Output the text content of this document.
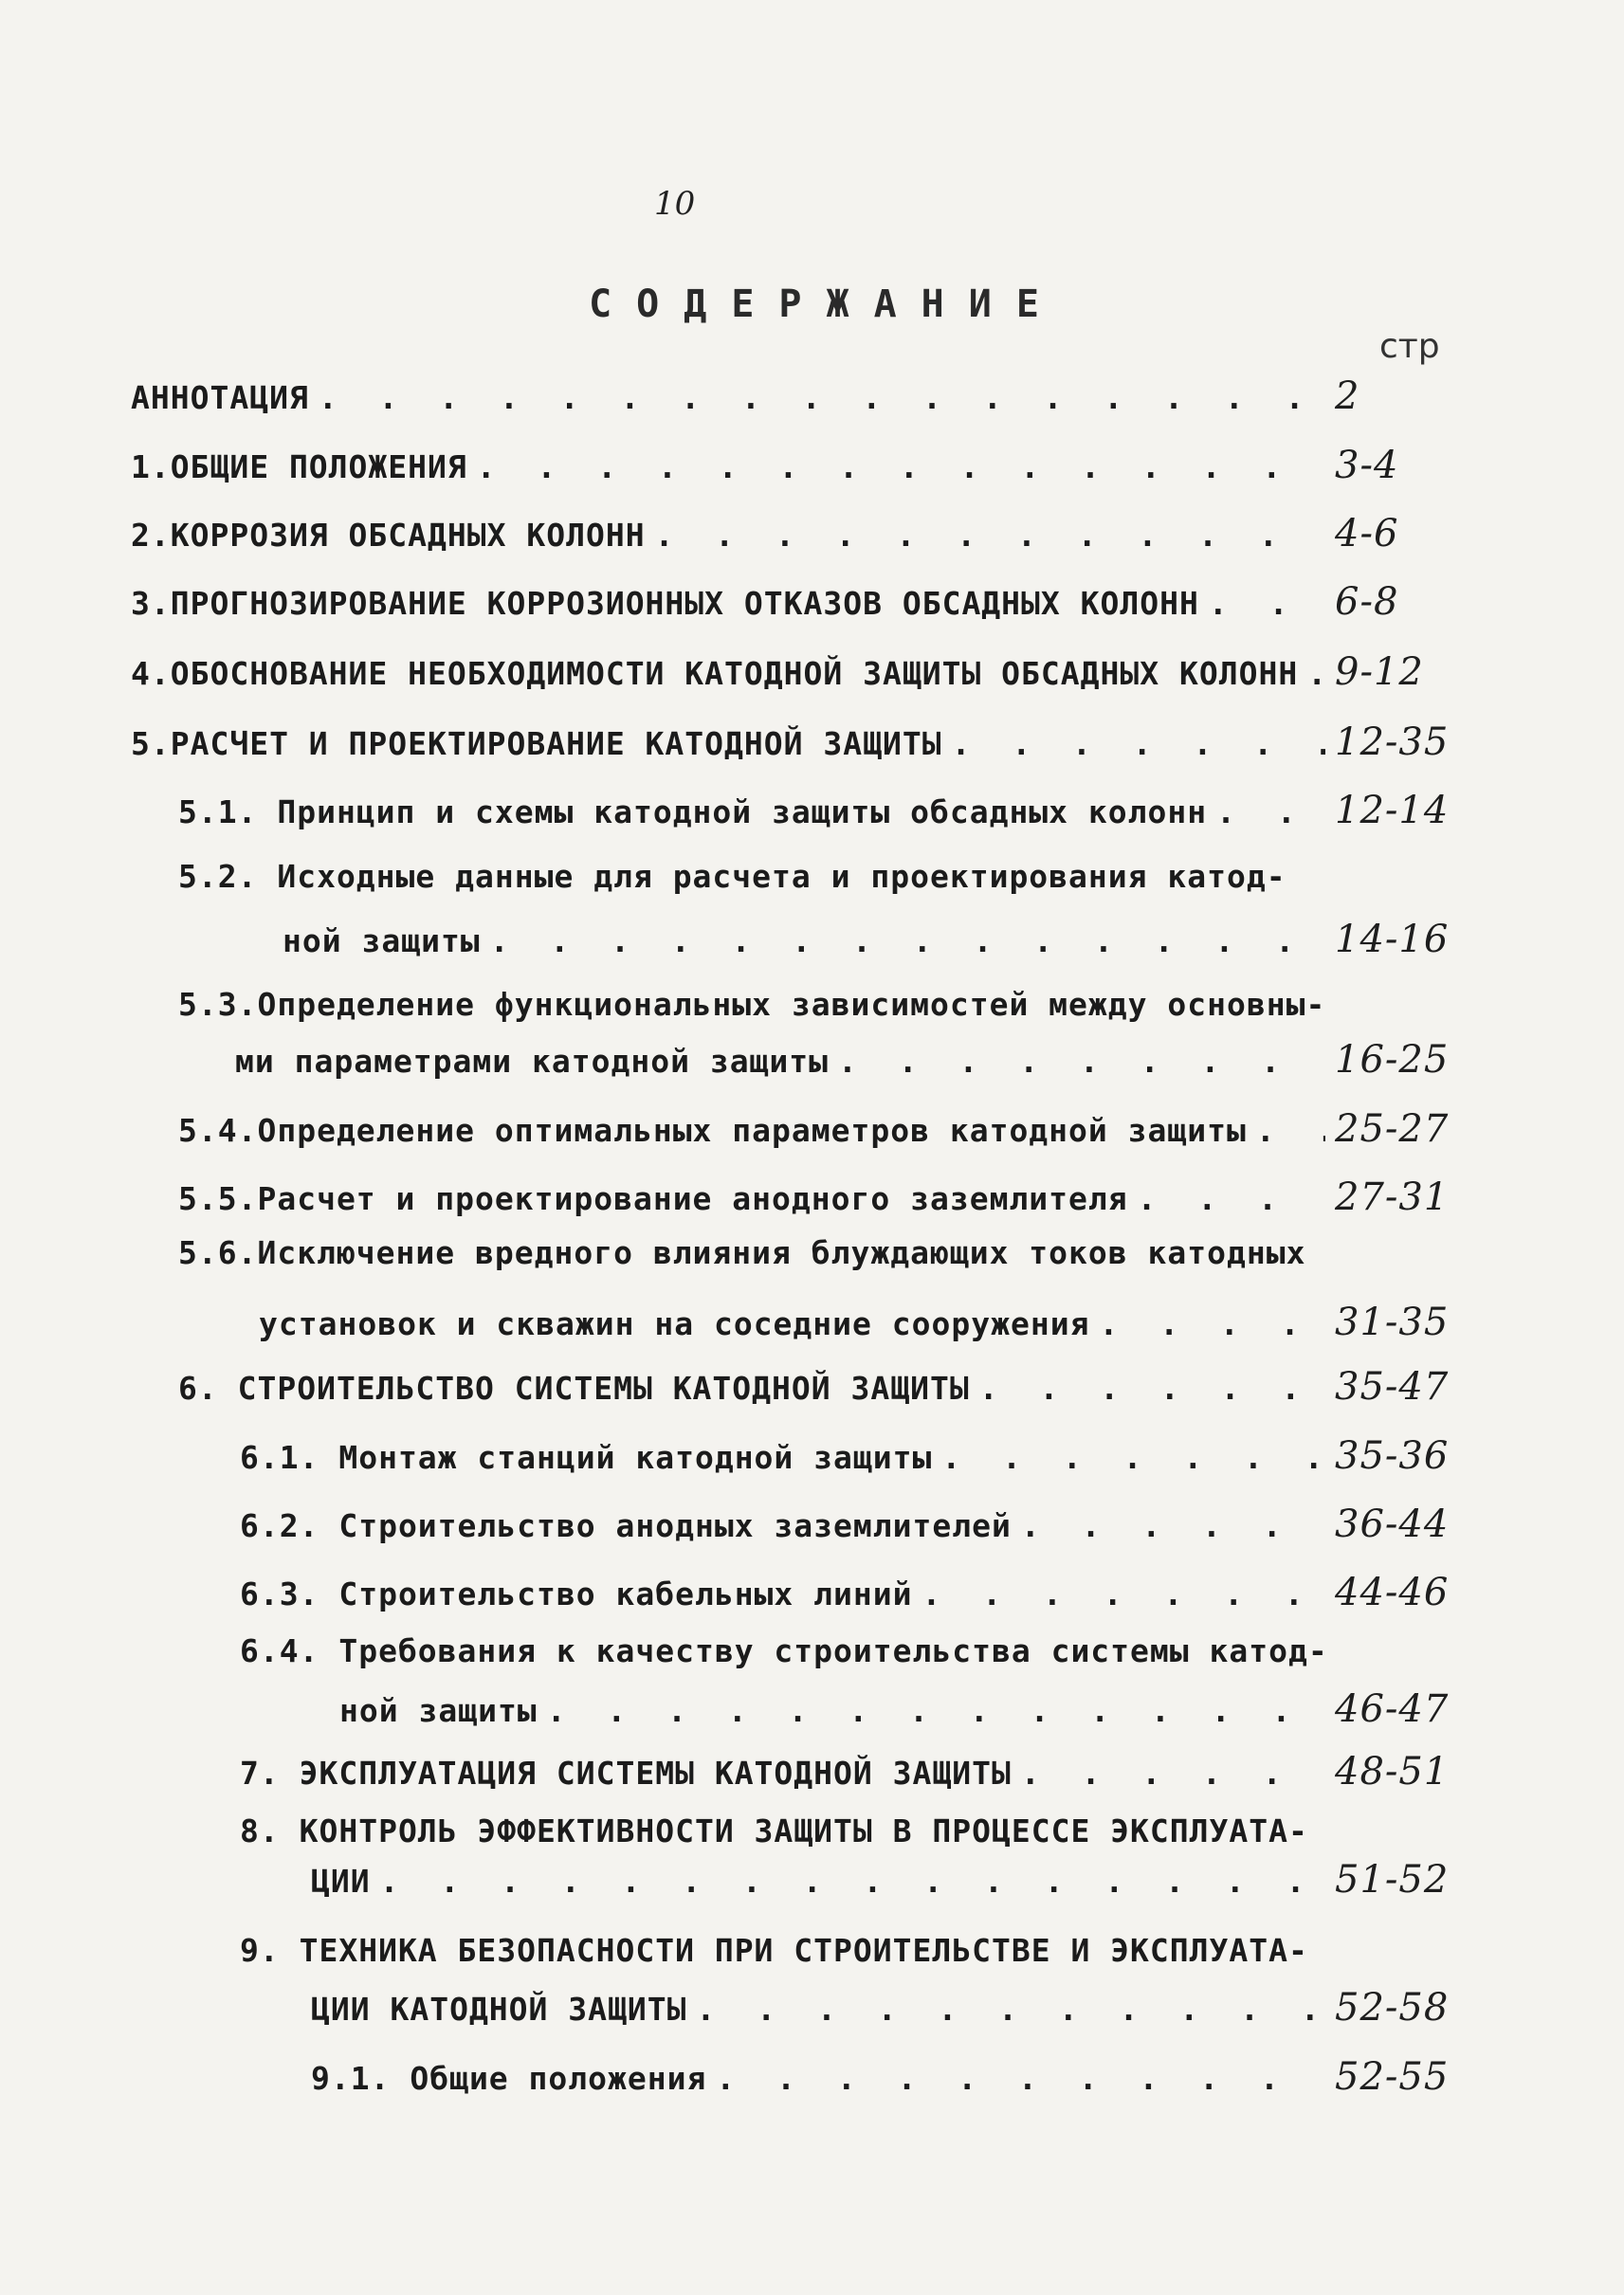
10
СОДЕРЖАНИЕ
стр
АННОТАЦИЯ . . .	2
1.ОБЩИЕ ПОЛОЖЕНИЯ . . .	3-4
2.КОРРОЗИЯ ОБСАДНЫХ КОЛОНН . . .	4-6
3.ПРОГНОЗИРОВАНИЕ КОРРОЗИОННЫХ ОТКАЗОВ ОБСАДНЫХ КОЛОНН . . .	6-8
4.ОБОСНОВАНИЕ НЕОБХОДИМОСТИ КАТОДНОЙ ЗАЩИТЫ ОБСАДНЫХ КОЛОНН . . . 9-12
5.РАСЧЕТ И ПРОЕКТИРОВАНИЕ КАТОДНОЙ ЗАЩИТЫ . . .	12-35
5.1. Принцип и схемы катодной защиты обсадных колонн . . .	12-14
5.2. Исходные данные для расчета и проектирования катод-
ной защиты . . .	14-16
5.3.Определение функциональных зависимостей между основны-
ми параметрами катодной защиты . . .	16-25
5.4.Определение оптимальных параметров катодной защиты . . . 25-27
5.5.Расчет и проектирование анодного заземлителя . . .	27-31
5.6.Исключение вредного влияния блуждающих токов катодных
установок и скважин на соседние сооружения . . .	31-35
6. СТРОИТЕЛЬСТВО СИСТЕМЫ КАТОДНОЙ ЗАЩИТЫ . . .	35-47
6.1. Монтаж станций катодной защиты . . .	35-36
6.2. Строительство анодных заземлителей . . .	36-44
6.3. Строительство кабельных линий . . .	44-46
6.4. Требования к качеству строительства системы катод-
ной защиты . . .	46-47
7. ЭКСПЛУАТАЦИЯ СИСТЕМЫ КАТОДНОЙ ЗАЩИТЫ . . .	48-51
8. КОНТРОЛЬ ЭФФЕКТИВНОСТИ ЗАЩИТЫ В ПРОЦЕССЕ ЭКСПЛУАТА-
ЦИИ . . .	51-52
9. ТЕХНИКА БЕЗОПАСНОСТИ ПРИ СТРОИТЕЛЬСТВЕ И ЭКСПЛУАТА-
ЦИИ КАТОДНОЙ ЗАЩИТЫ . . .	52-58
9.1. Общие положения . . .	52-55
